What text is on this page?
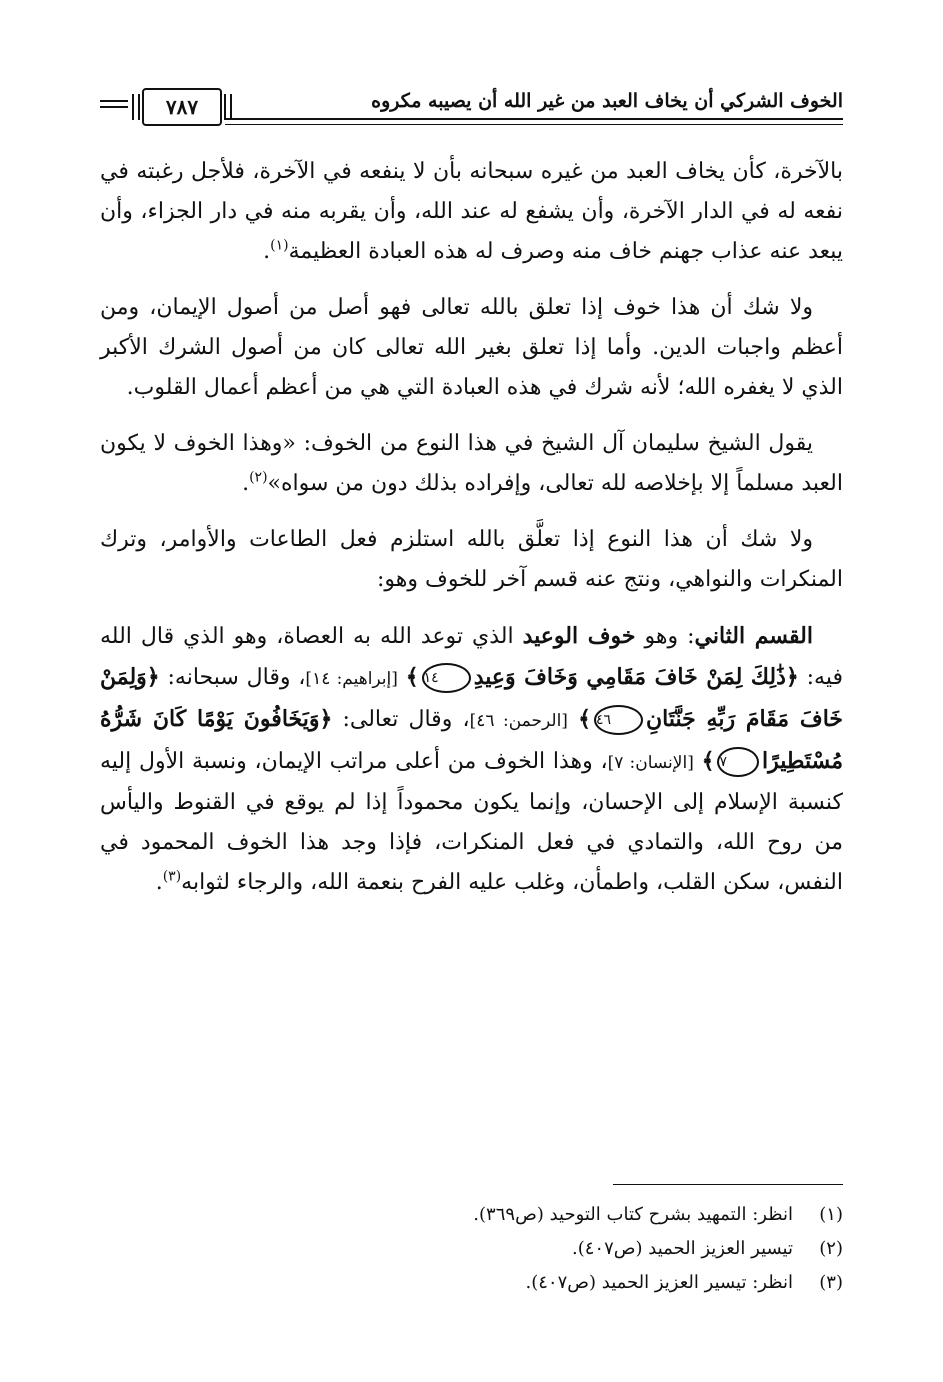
الخوف الشركي أن يخاف العبد من غير الله أن يصيبه مكروه
٧٨٧

بالآخرة، كأن يخاف العبد من غيره سبحانه بأن لا ينفعه في الآخرة، فلأجل رغبته في نفعه له في الدار الآخرة، وأن يشفع له عند الله، وأن يقربه منه في دار الجزاء، وأن يبعد عنه عذاب جهنم خاف منه وصرف له هذه العبادة العظيمة$^{(١)}$.

ولا شك أن هذا خوف إذا تعلق بالله تعالى فهو أصل من أصول الإيمان، ومن أعظم واجبات الدين. وأما إذا تعلق بغير الله تعالى كان من أصول الشرك الأكبر الذي لا يغفره الله؛ لأنه شرك في هذه العبادة التي هي من أعظم أعمال القلوب.

يقول الشيخ سليمان آل الشيخ في هذا النوع من الخوف: «وهذا الخوف لا يكون العبد مسلماً إلا بإخلاصه لله تعالى، وإفراده بذلك دون من سواه»$^{(٢)}$.

ولا شك أن هذا النوع إذا تعلَّق بالله استلزم فعل الطاعات والأوامر، وترك المنكرات والنواهي، ونتج عنه قسم آخر للخوف وهو:

القسم الثاني: وهو خوف الوعيد الذي توعد الله به العصاة، وهو الذي قال الله فيه: ﴿ذَٰلِكَ لِمَنْ خَافَ مَقَامِي وَخَافَ وَعِيدِ١٤﴾ [إبراهيم: ١٤]، وقال سبحانه: ﴿وَلِمَنْ خَافَ مَقَامَ رَبِّهِ جَنَّتَانِ٤٦﴾ [الرحمن: ٤٦]، وقال تعالى: ﴿وَيَخَافُونَ يَوْمًا كَانَ شَرُّهُ مُسْتَطِيرًا٧﴾ [الإنسان: ٧]، وهذا الخوف من أعلى مراتب الإيمان، ونسبة الأول إليه كنسبة الإسلام إلى الإحسان، وإنما يكون محموداً إذا لم يوقع في القنوط واليأس من روح الله، والتمادي في فعل المنكرات، فإذا وجد هذا الخوف المحمود في النفس، سكن القلب، واطمأن، وغلب عليه الفرح بنعمة الله، والرجاء لثوابه$^{(٣)}$.

(١)
انظر: التمهيد بشرح كتاب التوحيد (ص٣٦٩).
(٢)
تيسير العزيز الحميد (ص٤٠٧).
(٣)
انظر: تيسير العزيز الحميد (ص٤٠٧).
